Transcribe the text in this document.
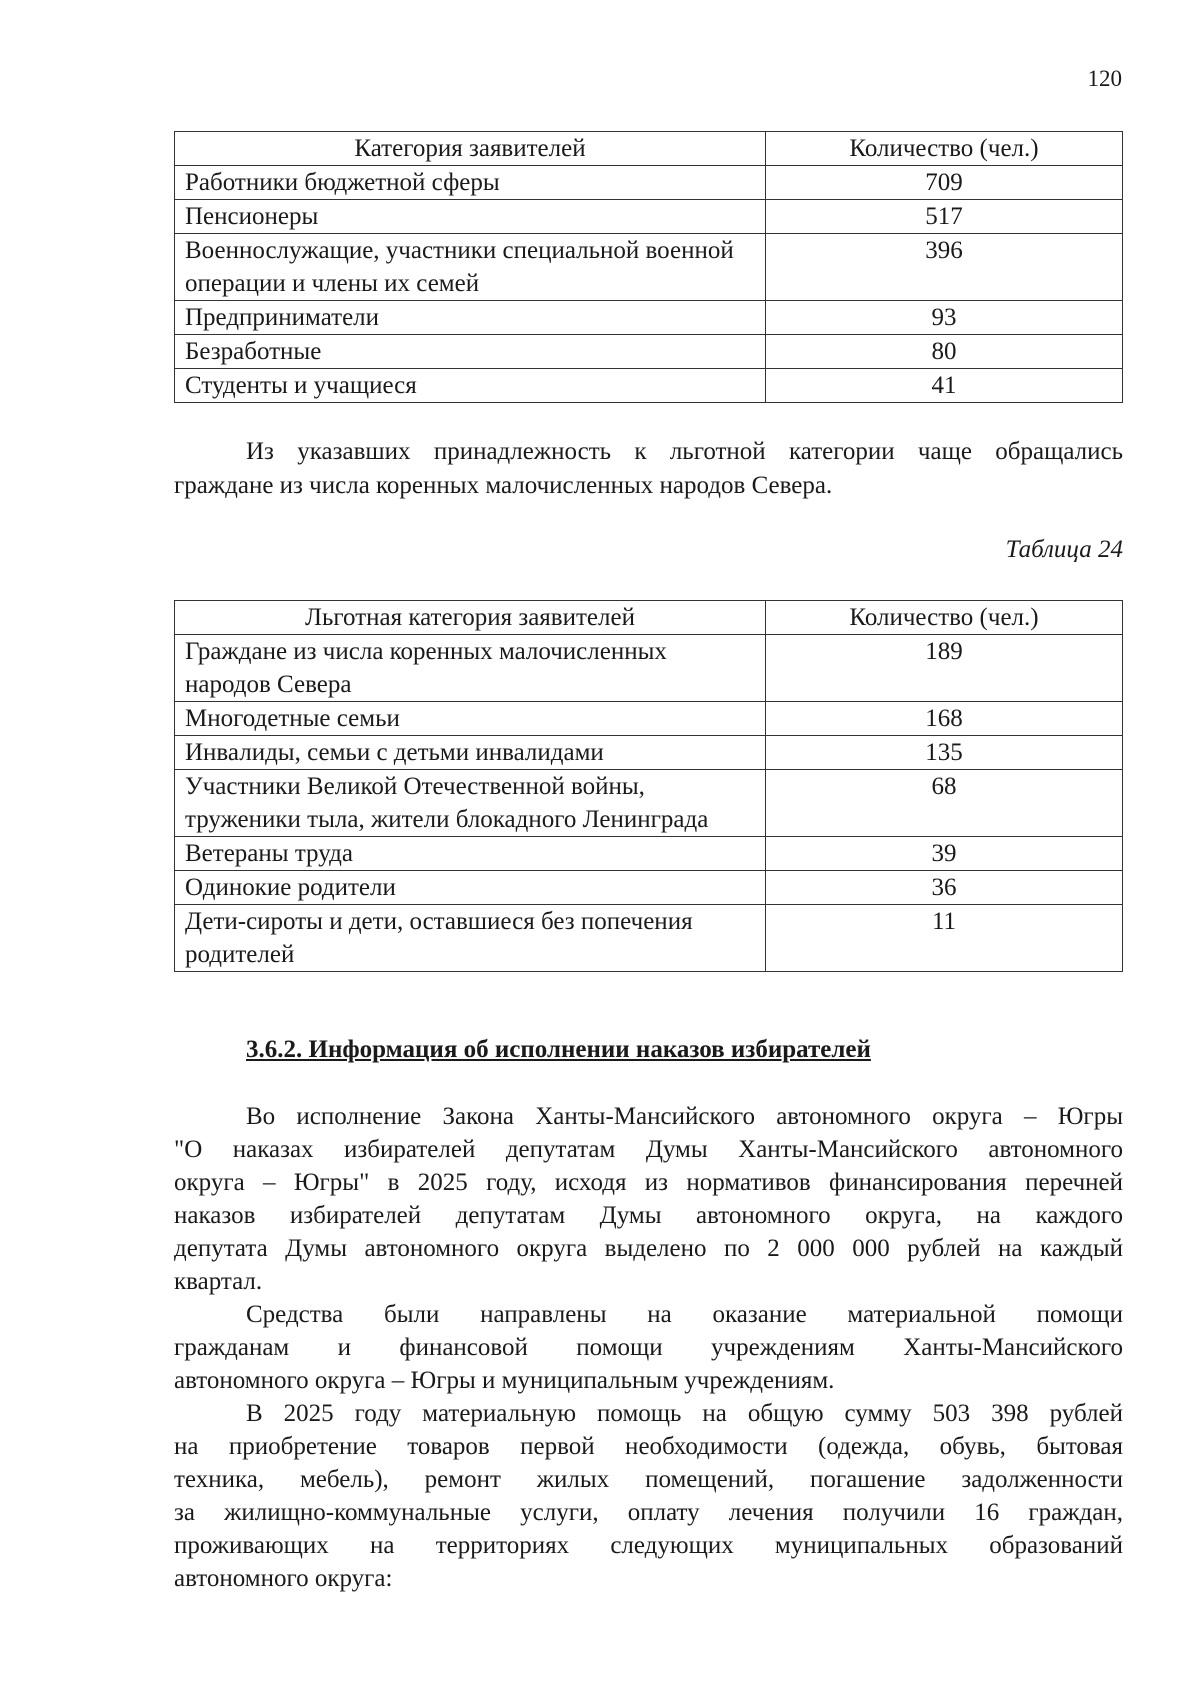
120
Категория заявителей	Количество (чел.)
Работники бюджетной сферы	709
Пенсионеры	517
Военнослужащие, участники специальной военной операции и члены их семей	396
Предприниматели	93
Безработные	80
Студенты и учащиеся	41
Из указавших принадлежность к льготной категории чаще обращались
граждане из числа коренных малочисленных народов Севера.
Таблица 24
Льготная категория заявителей	Количество (чел.)
Граждане из числа коренных малочисленных народов Севера	189
Многодетные семьи	168
Инвалиды, семьи с детьми инвалидами	135
Участники Великой Отечественной войны, труженики тыла, жители блокадного Ленинграда	68
Ветераны труда	39
Одинокие родители	36
Дети-сироты и дети, оставшиеся без попечения родителей	11
3.6.2. Информация об исполнении наказов избирателей
Во исполнение Закона Ханты-Мансийского автономного округа – Югры
"О наказах избирателей депутатам Думы Ханты-Мансийского автономного
округа – Югры" в 2025 году, исходя из нормативов финансирования перечней
наказов избирателей депутатам Думы автономного округа, на каждого
депутата Думы автономного округа выделено по 2 000 000 рублей на каждый
квартал.
Средства были направлены на оказание материальной помощи
гражданам и финансовой помощи учреждениям Ханты-Мансийского
автономного округа – Югры и муниципальным учреждениям.
В 2025 году материальную помощь на общую сумму 503 398 рублей
на приобретение товаров первой необходимости (одежда, обувь, бытовая
техника, мебель), ремонт жилых помещений, погашение задолженности
за жилищно-коммунальные услуги, оплату лечения получили 16 граждан,
проживающих на территориях следующих муниципальных образований
автономного округа:
